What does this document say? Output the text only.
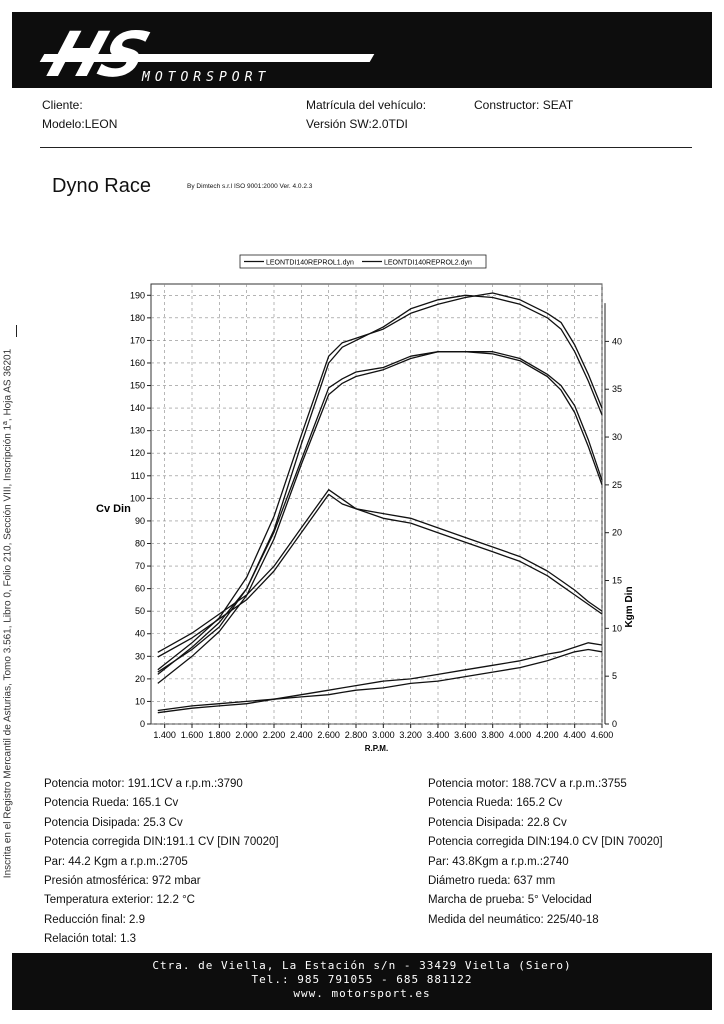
HS
MOTORSPORT
Cliente:
Modelo:LEON
Matrícula del vehículo:
Versión SW:2.0TDI
Constructor: SEAT
Dyno Race	By Dimtech s.r.l ISO 9001:2000 Ver. 4.0.2.3
Inscrita en el Registro Mercantil de Asturias, Tomo 3.561, Libro 0, Folio 210, Sección VIII, Inscripción 1ª, Hoja AS 36201	0
10
20
30
40
50
60
70
80
90
100
110
120
130
140
150
160
170
180
190
1.400 1.600 1.800 2.000 2.200 2.400 2.600 2.800 3.000 3.200 3.400 3.600 3.800 4.000 4.200 4.400 4.600
0
5
10
15
20
25
30
35
40
R.P.M.
Cv Din
Kgm Din
LEONTDI140REPROL1.dyn	LEONTDI140REPROL2.dyn
Potencia motor: 191.1CV a r.p.m.:3790
Potencia Rueda: 165.1 Cv
Potencia Disipada: 25.3 Cv
Potencia corregida DIN:191.1 CV [DIN 70020]
Par: 44.2 Kgm a r.p.m.:2705
Presión atmosférica: 972 mbar
Temperatura exterior: 12.2 °C
Reducción final: 2.9
Relación total: 1.3
Potencia motor: 188.7CV a r.p.m.:3755
Potencia Rueda: 165.2 Cv
Potencia Disipada: 22.8 Cv
Potencia corregida DIN:194.0 CV [DIN 70020]
Par: 43.8Kgm a r.p.m.:2740
Diámetro rueda: 637 mm
Marcha de prueba: 5° Velocidad
Medida del neumático: 225/40-18
Ctra. de Viella, La Estación s/n - 33429 Viella (Siero)
Tel.: 985 791055 - 685 881122
www. motorsport.es
